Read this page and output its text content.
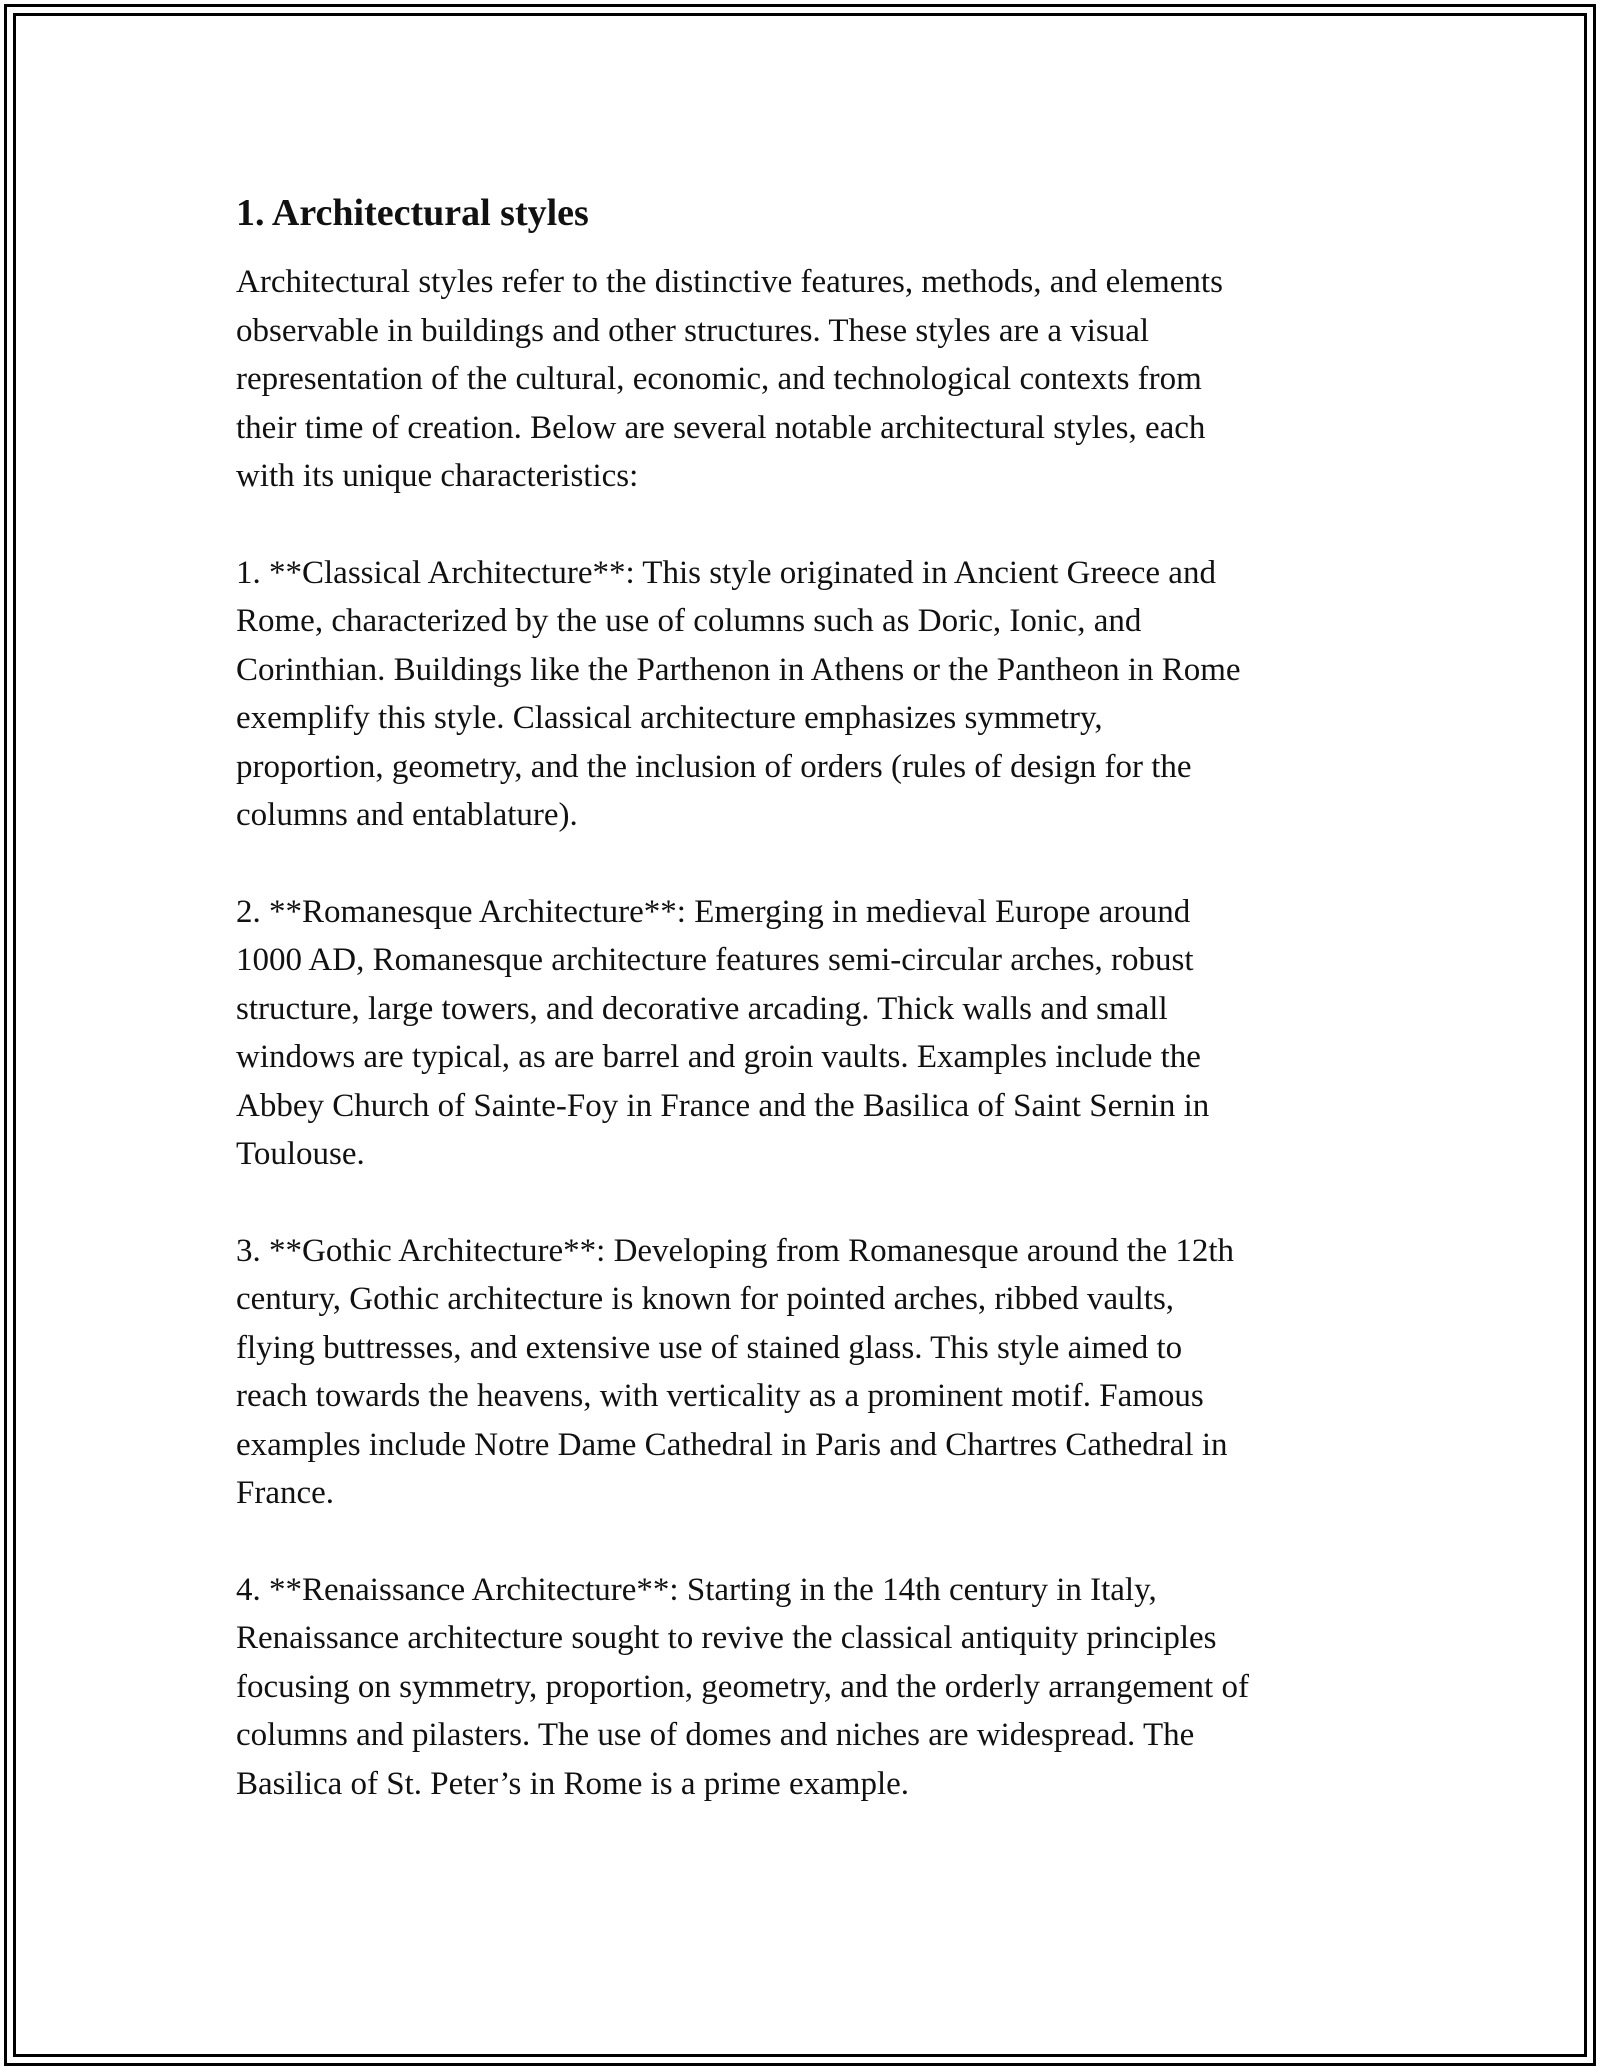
1. Architectural styles
Architectural styles refer to the distinctive features, methods, and elements
observable in buildings and other structures. These styles are a visual
representation of the cultural, economic, and technological contexts from
their time of creation. Below are several notable architectural styles, each
with its unique characteristics:
1. **Classical Architecture**: This style originated in Ancient Greece and
Rome, characterized by the use of columns such as Doric, Ionic, and
Corinthian. Buildings like the Parthenon in Athens or the Pantheon in Rome
exemplify this style. Classical architecture emphasizes symmetry,
proportion, geometry, and the inclusion of orders (rules of design for the
columns and entablature).
2. **Romanesque Architecture**: Emerging in medieval Europe around
1000 AD, Romanesque architecture features semi-circular arches, robust
structure, large towers, and decorative arcading. Thick walls and small
windows are typical, as are barrel and groin vaults. Examples include the
Abbey Church of Sainte-Foy in France and the Basilica of Saint Sernin in
Toulouse.
3. **Gothic Architecture**: Developing from Romanesque around the 12th
century, Gothic architecture is known for pointed arches, ribbed vaults,
flying buttresses, and extensive use of stained glass. This style aimed to
reach towards the heavens, with verticality as a prominent motif. Famous
examples include Notre Dame Cathedral in Paris and Chartres Cathedral in
France.
4. **Renaissance Architecture**: Starting in the 14th century in Italy,
Renaissance architecture sought to revive the classical antiquity principles
focusing on symmetry, proportion, geometry, and the orderly arrangement of
columns and pilasters. The use of domes and niches are widespread. The
Basilica of St. Peter’s in Rome is a prime example.
